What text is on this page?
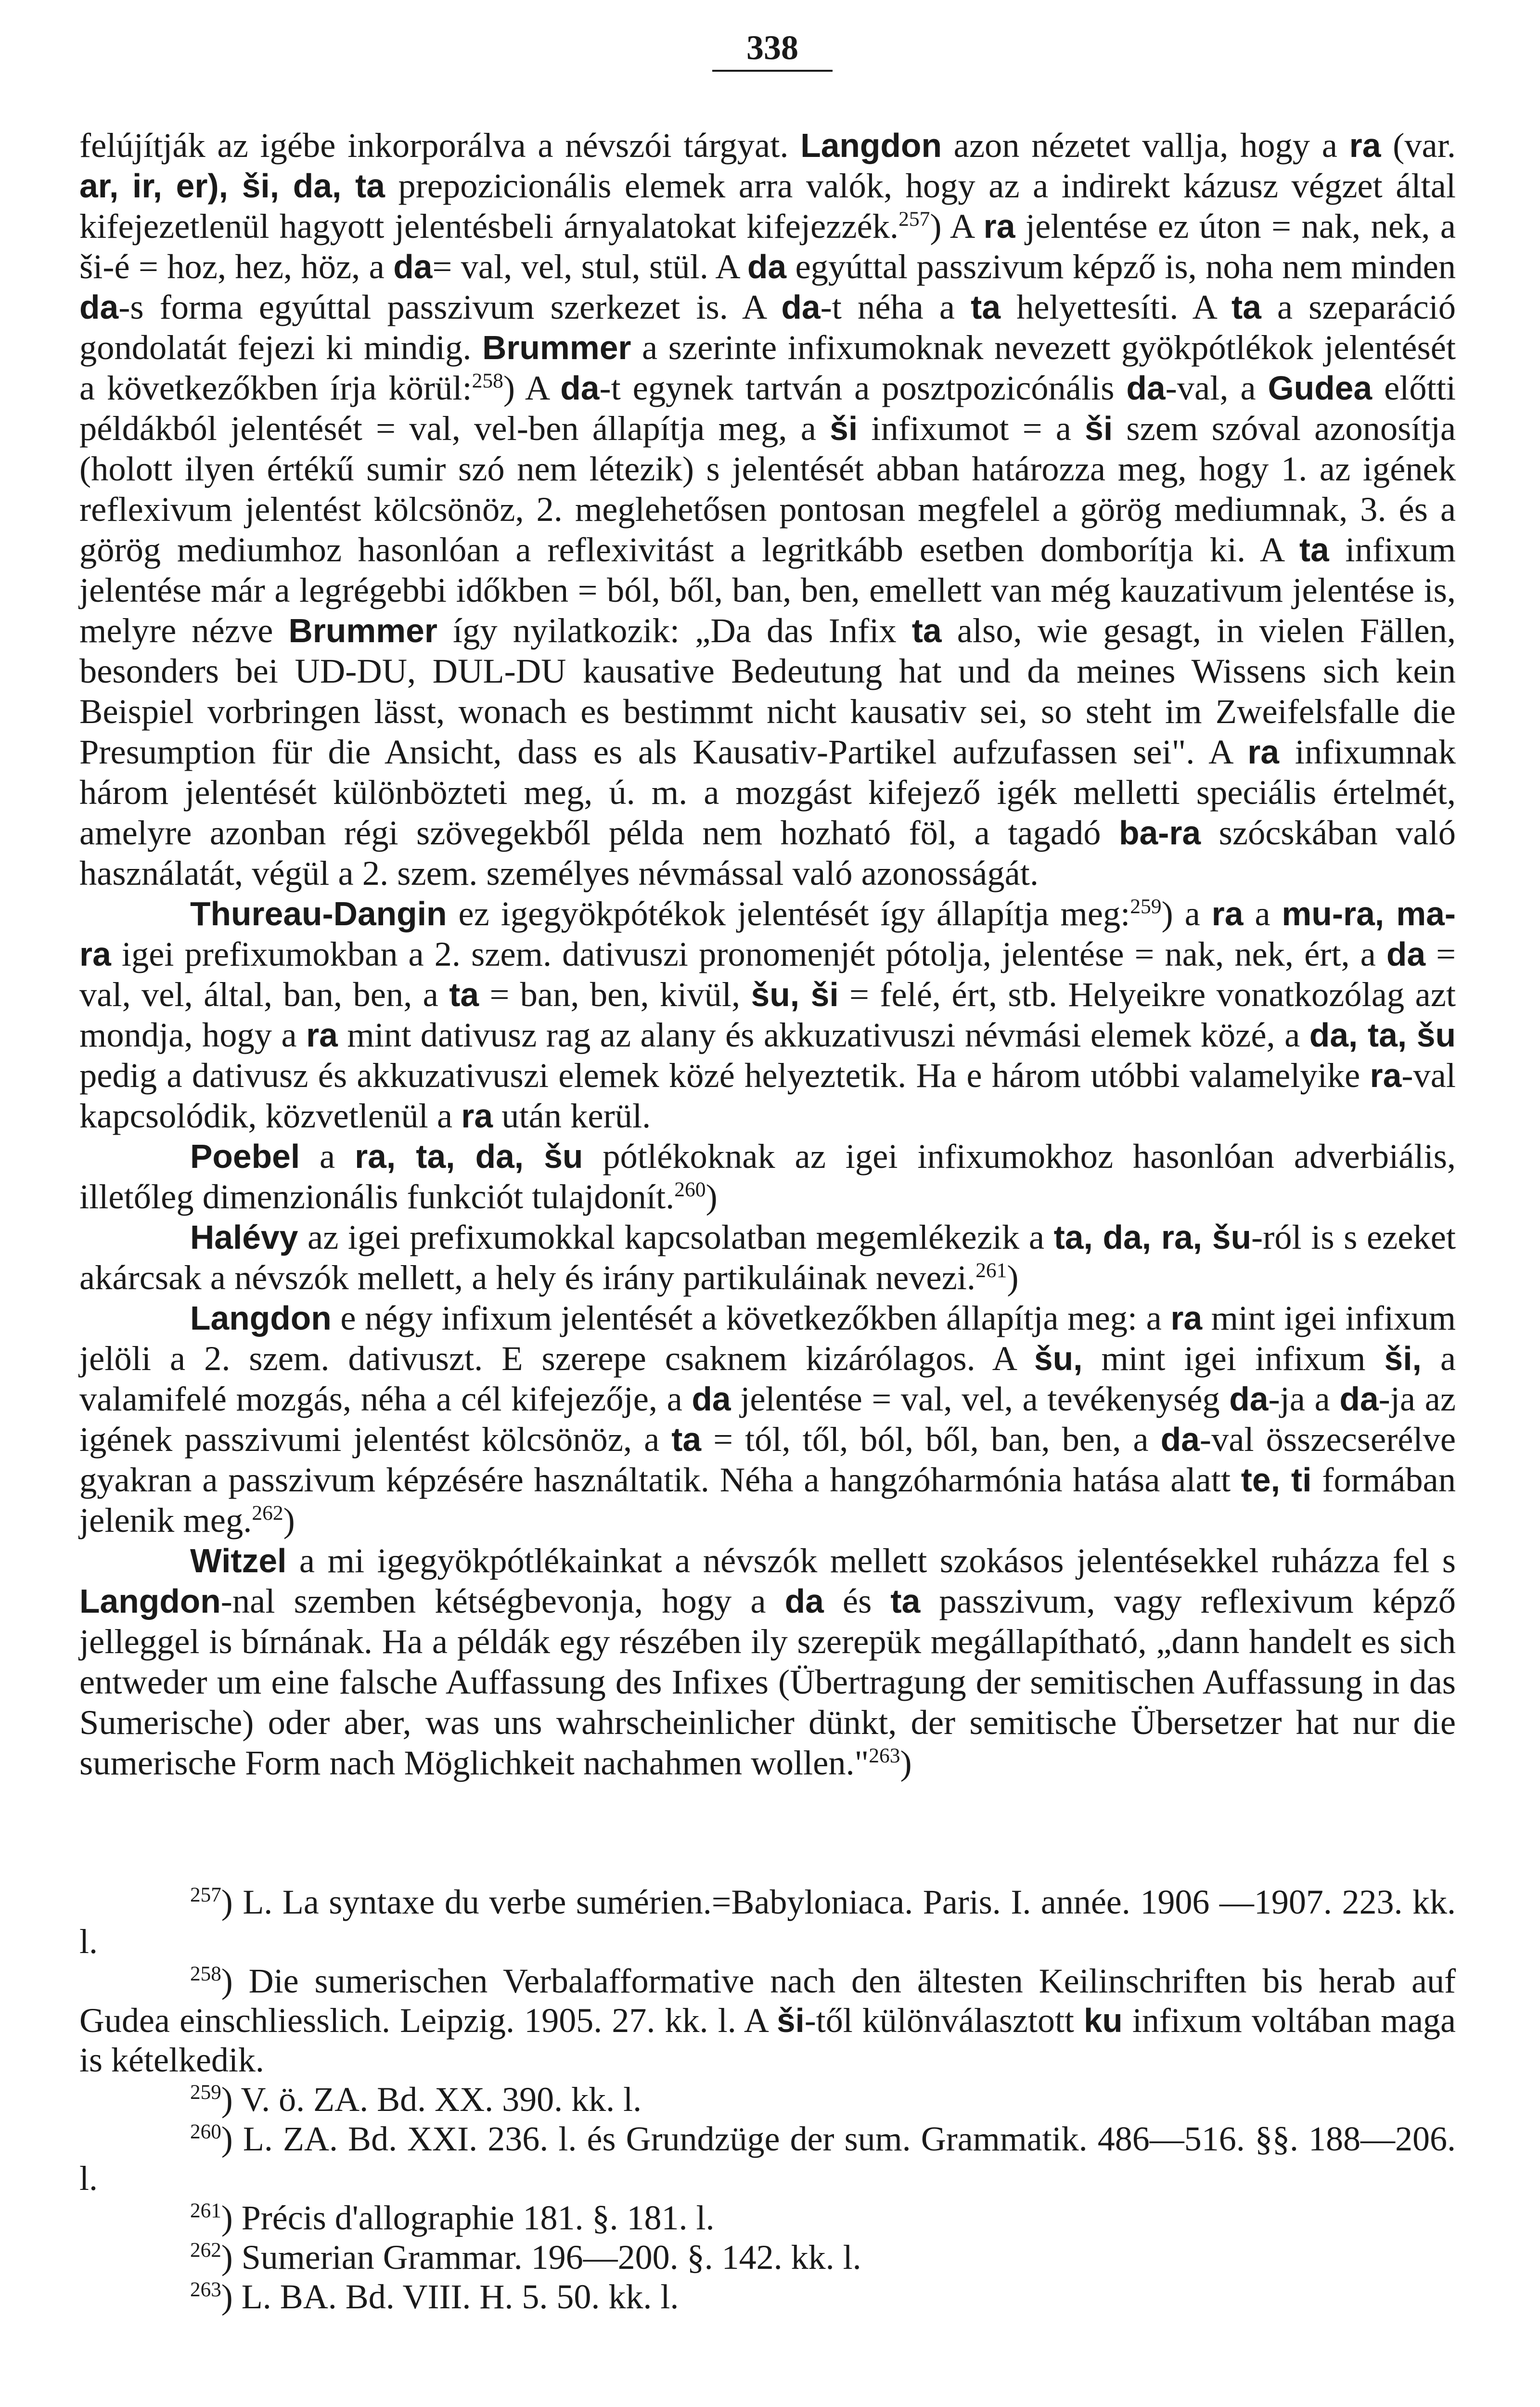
338

felújítják az igébe inkorporálva a névszói tárgyat. Langdon azon nézetet vallja, hogy a ra (var. ar, ir, er), ši, da, ta prepozicionális elemek arra valók, hogy az a indirekt kázusz végzet által kifejezetlenül hagyott jelentésbeli árnyalatokat kifejezzék.$^{257}$) A ra jelentése ez úton = nak, nek, a ši-é = hoz, hez, höz, a da= val, vel, stul, stül. A da egyúttal passzivum képző is, noha nem minden da-s forma egyúttal passzivum szerkezet is. A da-t néha a ta helyettesíti. A ta a szeparáció gondolatát fejezi ki mindig. Brummer a szerinte infixumoknak nevezett gyökpótlékok jelentését a következőkben írja körül:$^{258}$) A da-t egynek tartván a posztpozicónális da-val, a Gudea előtti példákból jelentését = val, vel-ben állapítja meg, a ši infixumot = a ši szem szóval azonosítja (holott ilyen értékű sumir szó nem létezik) s jelentését abban határozza meg, hogy 1. az igének reflexivum jelentést kölcsönöz, 2. meglehetősen pontosan megfelel a görög mediumnak, 3. és a görög mediumhoz hasonlóan a reflexivitást a legritkább esetben domborítja ki. A ta infixum jelentése már a legrégebbi időkben = ból, ből, ban, ben, emellett van még kauzativum jelentése is, melyre nézve Brummer így nyilatkozik: „Da das Infix ta also, wie gesagt, in vielen Fällen, besonders bei UD-DU, DUL-DU kausative Bedeutung hat und da meines Wissens sich kein Beispiel vorbringen lässt, wonach es bestimmt nicht kausativ sei, so steht im Zweifelsfalle die Presumption für die Ansicht, dass es als Kausativ-Partikel aufzufassen sei". A ra infixumnak három jelentését különbözteti meg, ú. m. a mozgást kifejező igék melletti speciális értelmét, amelyre azonban régi szövegekből példa nem hozható föl, a tagadó ba-ra szócskában való használatát, végül a 2. szem. személyes névmással való azonosságát.

Thureau-Dangin ez igegyökpótékok jelentését így állapítja meg:$^{259}$) a ra a mu-ra, ma-ra igei prefixumokban a 2. szem. dativuszi pronomenjét pótolja, jelentése = nak, nek, ért, a da = val, vel, által, ban, ben, a ta = ban, ben, kivül, šu, ši = felé, ért, stb. Helyeikre vonatkozólag azt mondja, hogy a ra mint dativusz rag az alany és akkuzativuszi névmási elemek közé, a da, ta, šu pedig a dativusz és akkuzativuszi elemek közé helyeztetik. Ha e három utóbbi valamelyike ra-val kapcsolódik, közvetlenül a ra után kerül.

Poebel a ra, ta, da, šu pótlékoknak az igei infixumokhoz hasonlóan adverbiális, illetőleg dimenzionális funkciót tulajdonít.$^{260}$)

Halévy az igei prefixumokkal kapcsolatban megemlékezik a ta, da, ra, šu-ról is s ezeket akárcsak a névszók mellett, a hely és irány partikuláinak nevezi.$^{261}$)

Langdon e négy infixum jelentését a következőkben állapítja meg: a ra mint igei infixum jelöli a 2. szem. dativuszt. E szerepe csaknem kizárólagos. A šu, mint igei infixum ši, a valamifelé mozgás, néha a cél kifejezője, a da jelentése = val, vel, a tevékenység da-ja a da-ja az igének passzivumi jelentést kölcsönöz, a ta = tól, től, ból, ből, ban, ben, a da-val összecserélve gyakran a passzivum képzésére használtatik. Néha a hangzóharmónia hatása alatt te, ti formában jelenik meg.$^{262}$)

Witzel a mi igegyökpótlékainkat a névszók mellett szokásos jelentésekkel ruházza fel s Langdon-nal szemben kétségbevonja, hogy a da és ta passzivum, vagy reflexivum képző jelleggel is bírnának. Ha a példák egy részében ily szerepük megállapítható, „dann handelt es sich entweder um eine falsche Auffassung des Infixes (Übertragung der semitischen Auffassung in das Sumerische) oder aber, was uns wahrscheinlicher dünkt, der semitische Übersetzer hat nur die sumerische Form nach Möglichkeit nachahmen wollen."$^{263}$)

$^{257}$) L. La syntaxe du verbe sumérien.=Babyloniaca. Paris. I. année. 1906 —1907. 223. kk. l.

$^{258}$) Die sumerischen Verbalafformative nach den ältesten Keilinschriften bis herab auf Gudea einschliesslich. Leipzig. 1905. 27. kk. l. A ši-től különválasztott ku infixum voltában maga is kételkedik.

$^{259}$) V. ö. ZA. Bd. XX. 390. kk. l.

$^{260}$) L. ZA. Bd. XXI. 236. l. és Grundzüge der sum. Grammatik. 486—516. §§. 188—206. l.

$^{261}$) Précis d'allographie 181. §. 181. l.

$^{262}$) Sumerian Grammar. 196—200. §. 142. kk. l.

$^{263}$) L. BA. Bd. VIII. H. 5. 50. kk. l.
